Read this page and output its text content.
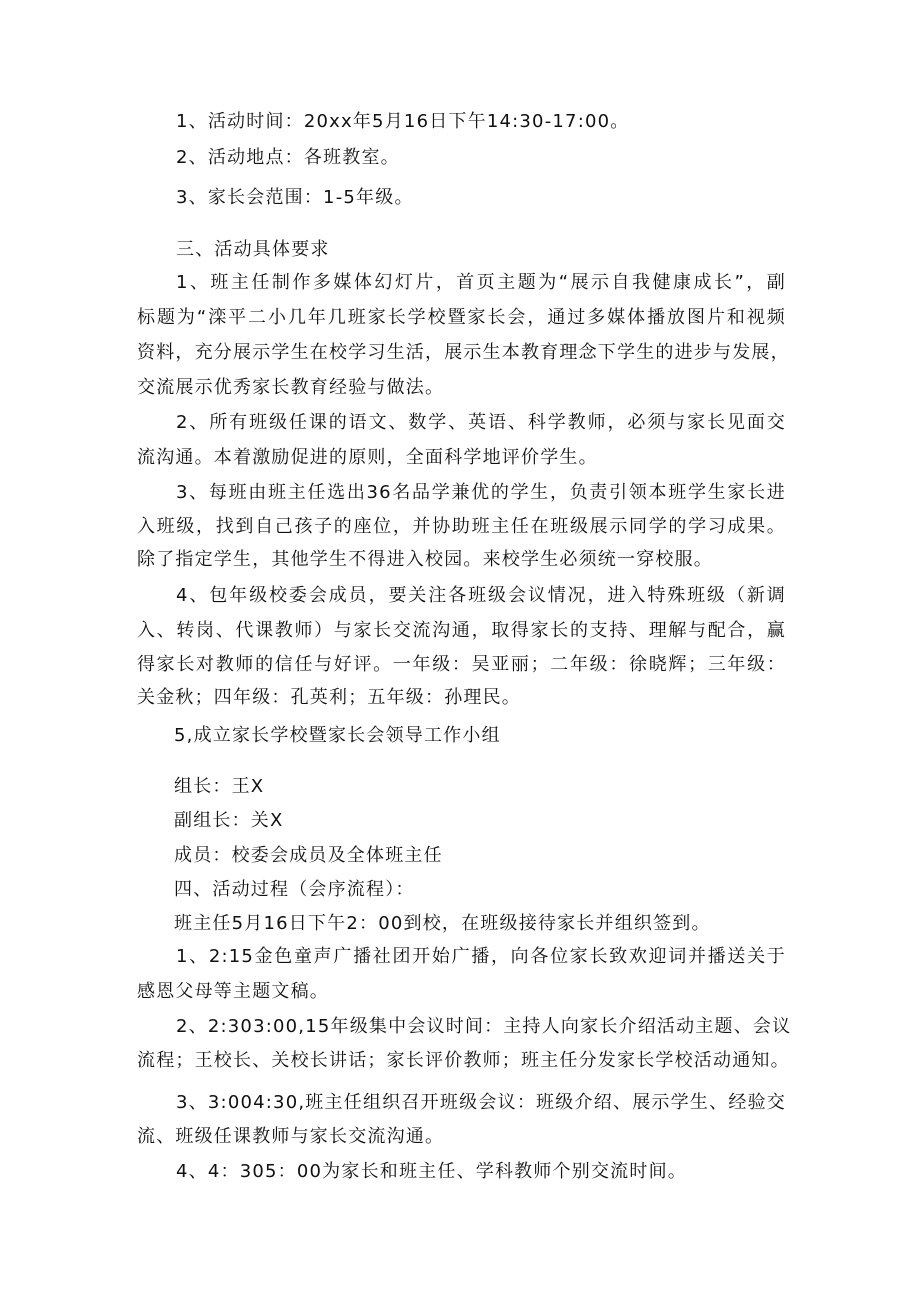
1、活动时间：20xx年5月16日下午14:30-17:00。

2、活动地点：各班教室。

3、家长会范围：1-5年级。

三、活动具体要求

1、班主任制作多媒体幻灯片，首页主题为“展示自我健康成长”，副

标题为“滦平二小几年几班家长学校暨家长会，通过多媒体播放图片和视频

资料，充分展示学生在校学习生活，展示生本教育理念下学生的进步与发展，

交流展示优秀家长教育经验与做法。

2、所有班级任课的语文、数学、英语、科学教师，必须与家长见面交

流沟通。本着激励促进的原则，全面科学地评价学生。

3、每班由班主任选出36名品学兼优的学生，负责引领本班学生家长进

入班级，找到自己孩子的座位，并协助班主任在班级展示同学的学习成果。

除了指定学生，其他学生不得进入校园。来校学生必须统一穿校服。

4、包年级校委会成员，要关注各班级会议情况，进入特殊班级（新调

入、转岗、代课教师）与家长交流沟通，取得家长的支持、理解与配合，赢

得家长对教师的信任与好评。一年级：吴亚丽；二年级：徐晓辉；三年级：

关金秋；四年级：孔英利；五年级：孙理民。

5,成立家长学校暨家长会领导工作小组

组长：王X

副组长：关X

成员：校委会成员及全体班主任

四、活动过程（会序流程）：

班主任5月16日下午2：00到校，在班级接待家长并组织签到。

1、2:15金色童声广播社团开始广播，向各位家长致欢迎词并播送关于

感恩父母等主题文稿。

2、2:303:00,15年级集中会议时间：主持人向家长介绍活动主题、会议

流程；王校长、关校长讲话；家长评价教师；班主任分发家长学校活动通知。

3、3:004:30,班主任组织召开班级会议：班级介绍、展示学生、经验交

流、班级任课教师与家长交流沟通。

4、4：305：00为家长和班主任、学科教师个别交流时间。
